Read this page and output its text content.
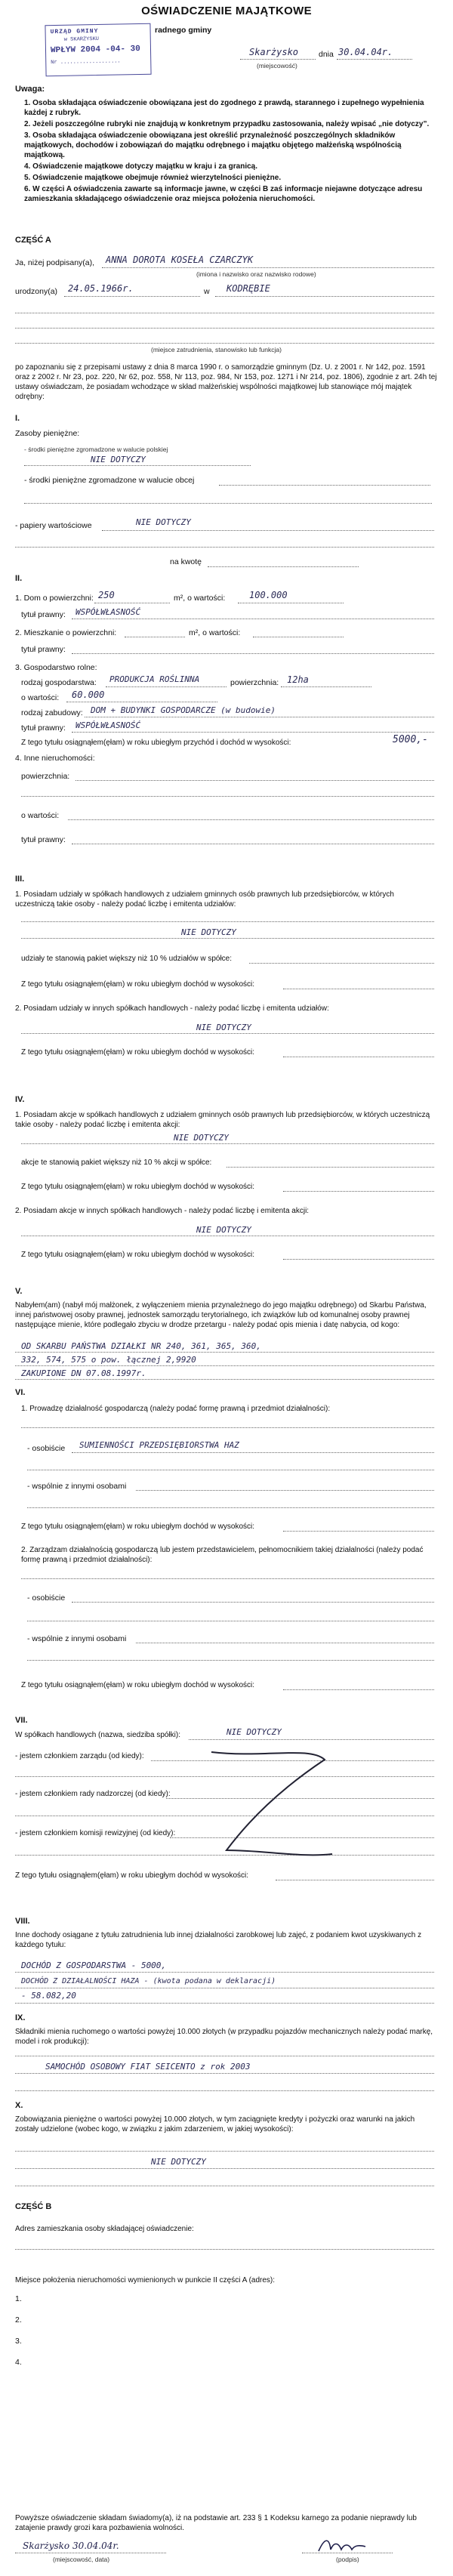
OŚWIADCZENIE MAJĄTKOWE
URZĄD GMINY
w SKARŻYSKU
WPŁYW 2004 -04- 30
Nr ...................
radnego gminy
Skarżysko	dnia 30.04.04r.
(miejscowość)
Uwaga:

1. Osoba składająca oświadczenie obowiązana jest do zgodnego z prawdą, starannego i zupełnego wypełnienia każdej z rubryk.

2. Jeżeli poszczególne rubryki nie znajdują w konkretnym przypadku zastosowania, należy wpisać „nie dotyczy”.

3. Osoba składająca oświadczenie obowiązana jest określić przynależność poszczególnych składników majątkowych, dochodów i zobowiązań do majątku odrębnego i majątku objętego małżeńską wspólnością majątkową.

4. Oświadczenie majątkowe dotyczy majątku w kraju i za granicą.

5. Oświadczenie majątkowe obejmuje również wierzytelności pieniężne.

6. W części A oświadczenia zawarte są informacje jawne, w części B zaś informacje niejawne dotyczące adresu zamieszkania składającego oświadczenie oraz miejsca położenia nieruchomości.

CZĘŚĆ A
Ja, niżej podpisany(a), ANNA DOROTA KOSEŁA CZARCZYK
(imiona i nazwisko oraz nazwisko rodowe)
urodzony(a) 24.05.1966r.	w KODRĘBIE
(miejsce zatrudnienia, stanowisko lub funkcja)
po zapoznaniu się z przepisami ustawy z dnia 8 marca 1990 r. o samorządzie gminnym (Dz. U. z 2001 r. Nr 142, poz. 1591 oraz z 2002 r. Nr 23, poz. 220, Nr 62, poz. 558, Nr 113, poz. 984, Nr 153, poz. 1271 i Nr 214, poz. 1806), zgodnie z art. 24h tej ustawy oświadczam, że posiadam wchodzące w skład małżeńskiej wspólności majątkowej lub stanowiące mój majątek odrębny:
I.
Zasoby pieniężne:
- środki pieniężne zgromadzone w walucie polskiej
NIE DOTYCZY
- środki pieniężne zgromadzone w walucie obcej
- papiery wartościowe	NIE DOTYCZY
na kwotę
II.
1. Dom o powierzchni: 250	m², o wartości:	100.000
tytuł prawny: WSPÓŁWŁASNOŚĆ
2. Mieszkanie o powierzchni:	m², o wartości:
tytuł prawny:
3. Gospodarstwo rolne:
rodzaj gospodarstwa: PRODUKCJA ROŚLINNA	powierzchnia: 12ha
o wartości: 60.000
rodzaj zabudowy: DOM + BUDYNKI GOSPODARCZE (w budowie)
tytuł prawny: WSPÓŁWŁASNOŚĆ
Z tego tytułu osiągnąłem(ęłam) w roku ubiegłym przychód i dochód w wysokości:	5000,-
4. Inne nieruchomości:
powierzchnia:
o wartości:
tytuł prawny:
III.
1. Posiadam udziały w spółkach handlowych z udziałem gminnych osób prawnych lub przedsiębiorców, w których uczestniczą takie osoby - należy podać liczbę i emitenta udziałów:
NIE DOTYCZY
udziały te stanowią pakiet większy niż 10 % udziałów w spółce:
Z tego tytułu osiągnąłem(ęłam) w roku ubiegłym dochód w wysokości:
2. Posiadam udziały w innych spółkach handlowych - należy podać liczbę i emitenta udziałów:
NIE DOTYCZY
Z tego tytułu osiągnąłem(ęłam) w roku ubiegłym dochód w wysokości:
IV.
1. Posiadam akcje w spółkach handlowych z udziałem gminnych osób prawnych lub przedsiębiorców, w których uczestniczą takie osoby - należy podać liczbę i emitenta akcji:
NIE DOTYCZY
akcje te stanowią pakiet większy niż 10 % akcji w spółce:
Z tego tytułu osiągnąłem(ęłam) w roku ubiegłym dochód w wysokości:
2. Posiadam akcje w innych spółkach handlowych - należy podać liczbę i emitenta akcji:
NIE DOTYCZY
Z tego tytułu osiągnąłem(ęłam) w roku ubiegłym dochód w wysokości:
V.
Nabyłem(am) (nabył mój małżonek, z wyłączeniem mienia przynależnego do jego majątku odrębnego) od Skarbu Państwa, innej państwowej osoby prawnej, jednostek samorządu terytorialnego, ich związków lub od komunalnej osoby prawnej następujące mienie, które podlegało zbyciu w drodze przetargu - należy podać opis mienia i datę nabycia, od kogo:
OD SKARBU PAŃSTWA DZIAŁKI NR 240, 361, 365, 360,
332, 574, 575 o pow. łącznej 2,9920
ZAKUPIONE DN 07.08.1997r.
VI.
1. Prowadzę działalność gospodarczą (należy podać formę prawną i przedmiot działalności):
- osobiście SUMIENNOŚCI PRZEDSIĘBIORSTWA HAZ
- wspólnie z innymi osobami
Z tego tytułu osiągnąłem(ęłam) w roku ubiegłym dochód w wysokości:
2. Zarządzam działalnością gospodarczą lub jestem przedstawicielem, pełnomocnikiem takiej działalności (należy podać formę prawną i przedmiot działalności):
- osobiście
- wspólnie z innymi osobami
Z tego tytułu osiągnąłem(ęłam) w roku ubiegłym dochód w wysokości:
VII.
W spółkach handlowych (nazwa, siedziba spółki):	NIE DOTYCZY
- jestem członkiem zarządu (od kiedy):
- jestem członkiem rady nadzorczej (od kiedy):
- jestem członkiem komisji rewizyjnej (od kiedy):
Z tego tytułu osiągnąłem(ęłam) w roku ubiegłym dochód w wysokości:
VIII.
Inne dochody osiągane z tytułu zatrudnienia lub innej działalności zarobkowej lub zajęć, z podaniem kwot uzyskiwanych z każdego tytułu:
DOCHÓD Z GOSPODARSTWA - 5000,
DOCHÓD Z DZIAŁALNOŚCI HAZA - (kwota podana w deklaracji)
- 58.082,20
IX.
Składniki mienia ruchomego o wartości powyżej 10.000 złotych (w przypadku pojazdów mechanicznych należy podać markę, model i rok produkcji):
SAMOCHÓD OSOBOWY FIAT SEICENTO z rok 2003
X.
Zobowiązania pieniężne o wartości powyżej 10.000 złotych, w tym zaciągnięte kredyty i pożyczki oraz warunki na jakich zostały udzielone (wobec kogo, w związku z jakim zdarzeniem, w jakiej wysokości):
NIE DOTYCZY
CZĘŚĆ B
Adres zamieszkania osoby składającej oświadczenie:
Miejsce położenia nieruchomości wymienionych w punkcie II części A (adres):
1.
2.
3.
4.
Powyższe oświadczenie składam świadomy(a), iż na podstawie art. 233 § 1 Kodeksu karnego za podanie nieprawdy lub zatajenie prawdy grozi kara pozbawienia wolności.
Skarżysko 30.04.04r.
(miejscowość, data)	(podpis)
